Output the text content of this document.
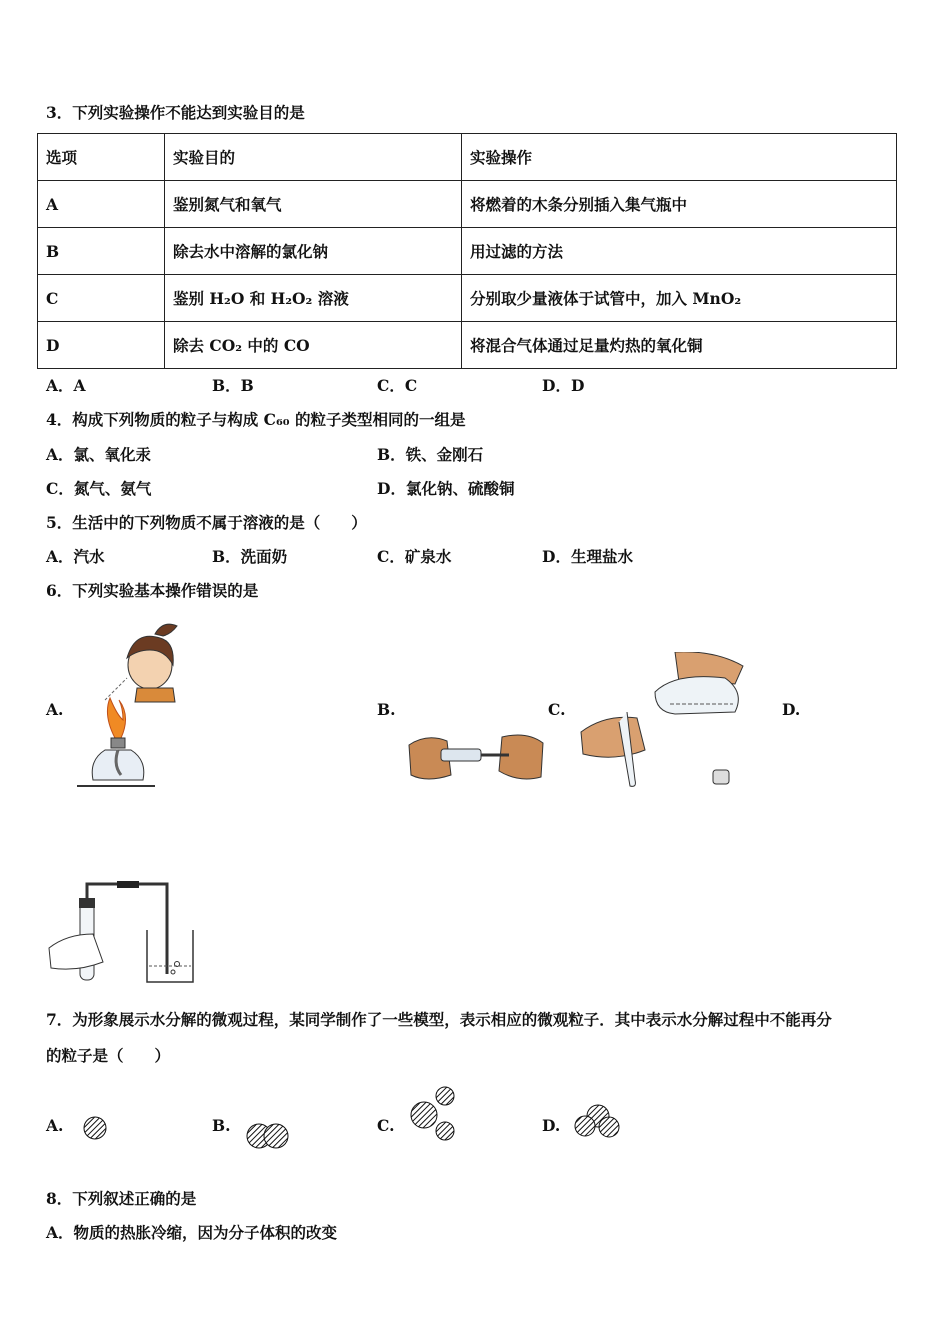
3．下列实验操作不能达到实验目的是
选项	实验目的	实验操作
A	鉴别氮气和氧气	将燃着的木条分别插入集气瓶中
B	除去水中溶解的氯化钠	用过滤的方法
C	鉴别 H₂O 和 H₂O₂ 溶液	分别取少量液体于试管中，加入 MnO₂
D	除去 CO₂ 中的 CO	将混合气体通过足量灼热的氧化铜
A．A	B．B	C．C	D．D
4．构成下列物质的粒子与构成 C₆₀ 的粒子类型相同的一组是
A．氯、氧化汞	B．铁、金刚石
C．氮气、氨气	D．氯化钠、硫酸铜
5．生活中的下列物质不属于溶液的是（　　）
A．汽水	B．洗面奶	C．矿泉水	D．生理盐水
6．下列实验基本操作错误的是
A.	B.	C.	D.
7．为形象展示水分解的微观过程，某同学制作了一些模型，表示相应的微观粒子．其中表示水分解过程中不能再分
的粒子是（　　）
A.	B.	C.	D.
8．下列叙述正确的是
A．物质的热胀冷缩，因为分子体积的改变
